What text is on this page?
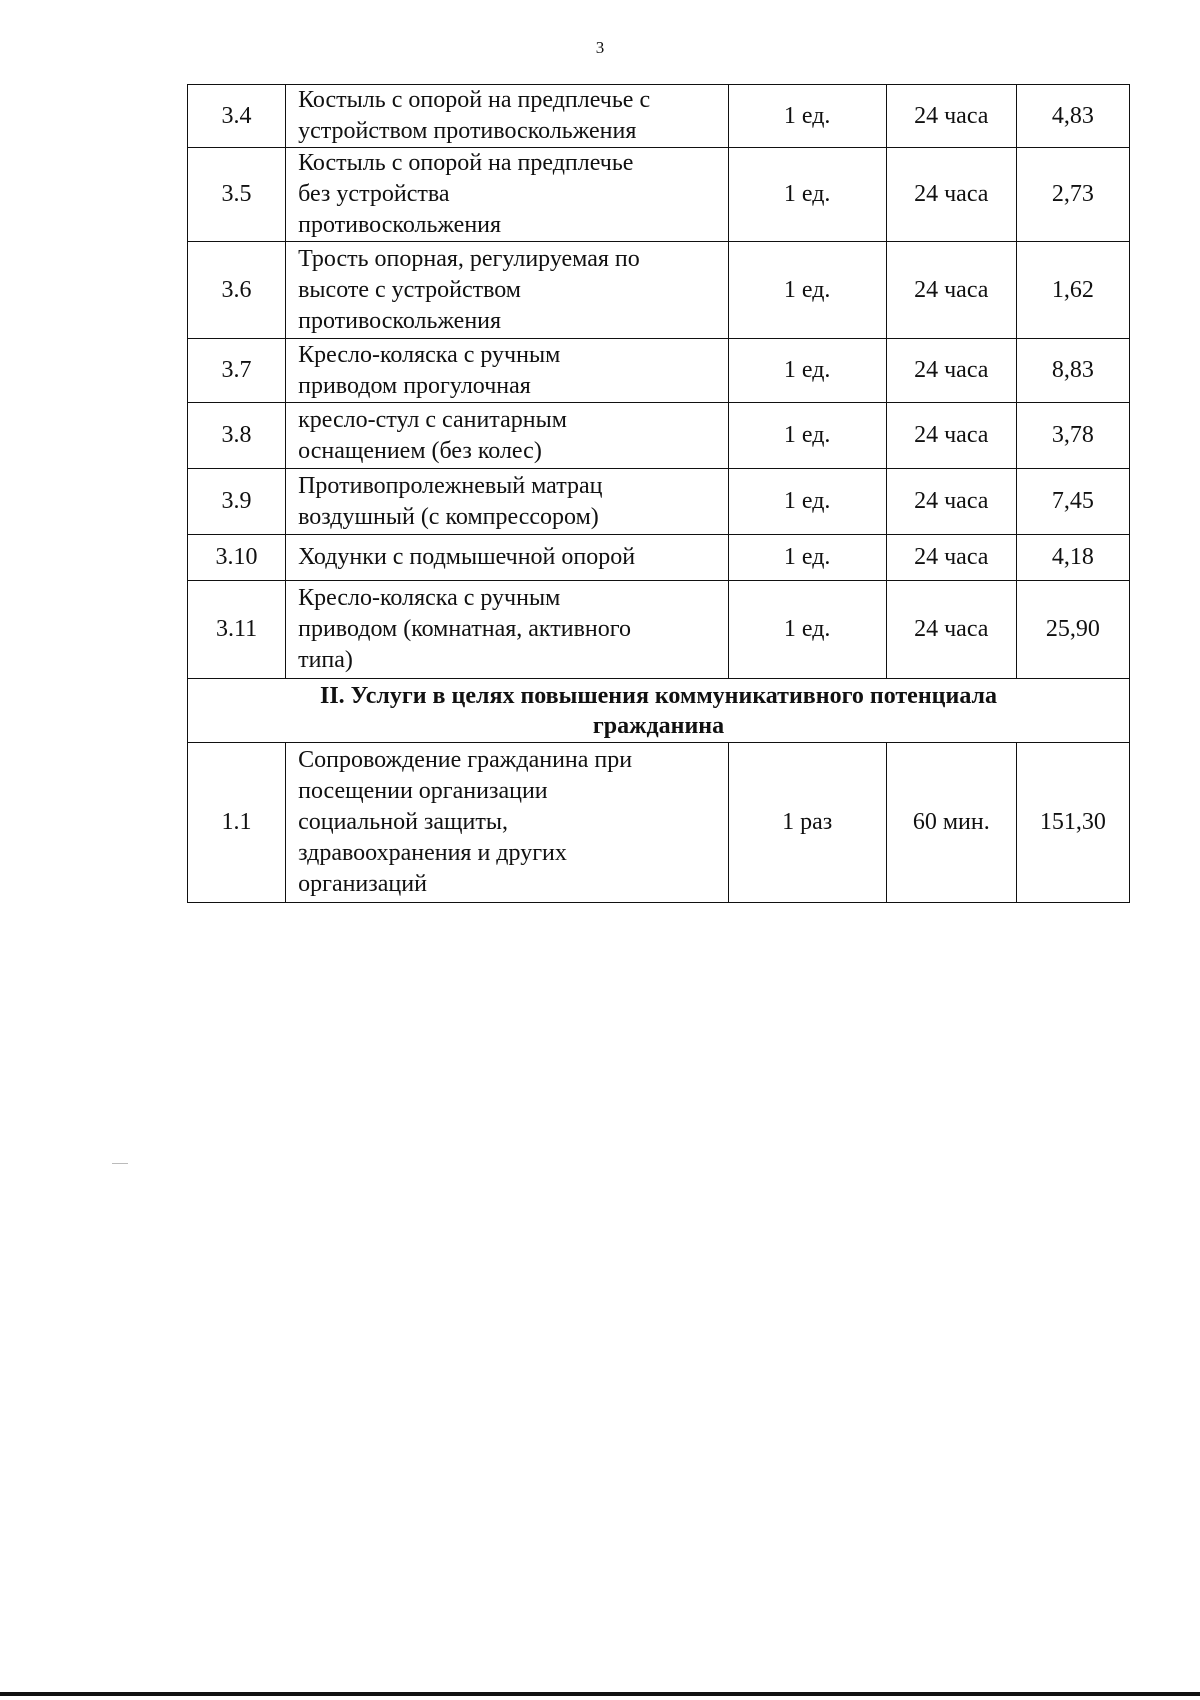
3
3.4	Костыль с опорой на предплечье с
устройством противоскольжения	1 ед.	24 часа	4,83
3.5	Костыль с опорой на предплечье
без устройства
противоскольжения	1 ед.	24 часа	2,73
3.6	Трость опорная, регулируемая по
высоте с устройством
противоскольжения	1 ед.	24 часа	1,62
3.7	Кресло-коляска с ручным
приводом прогулочная	1 ед.	24 часа	8,83
3.8	кресло-стул с санитарным
оснащением (без колес)	1 ед.	24 часа	3,78
3.9	Противопролежневый матрац
воздушный (с компрессором)	1 ед.	24 часа	7,45
3.10	Ходунки с подмышечной опорой	1 ед.	24 часа	4,18
3.11	Кресло-коляска с ручным
приводом (комнатная, активного
типа)	1 ед.	24 часа	25,90

II. Услуги в целях повышения коммуникативного потенциала
гражданина				

1.1	Сопровождение гражданина при
посещении организации
социальной защиты,
здравоохранения и других
организаций	1 раз	60 мин.	151,30
